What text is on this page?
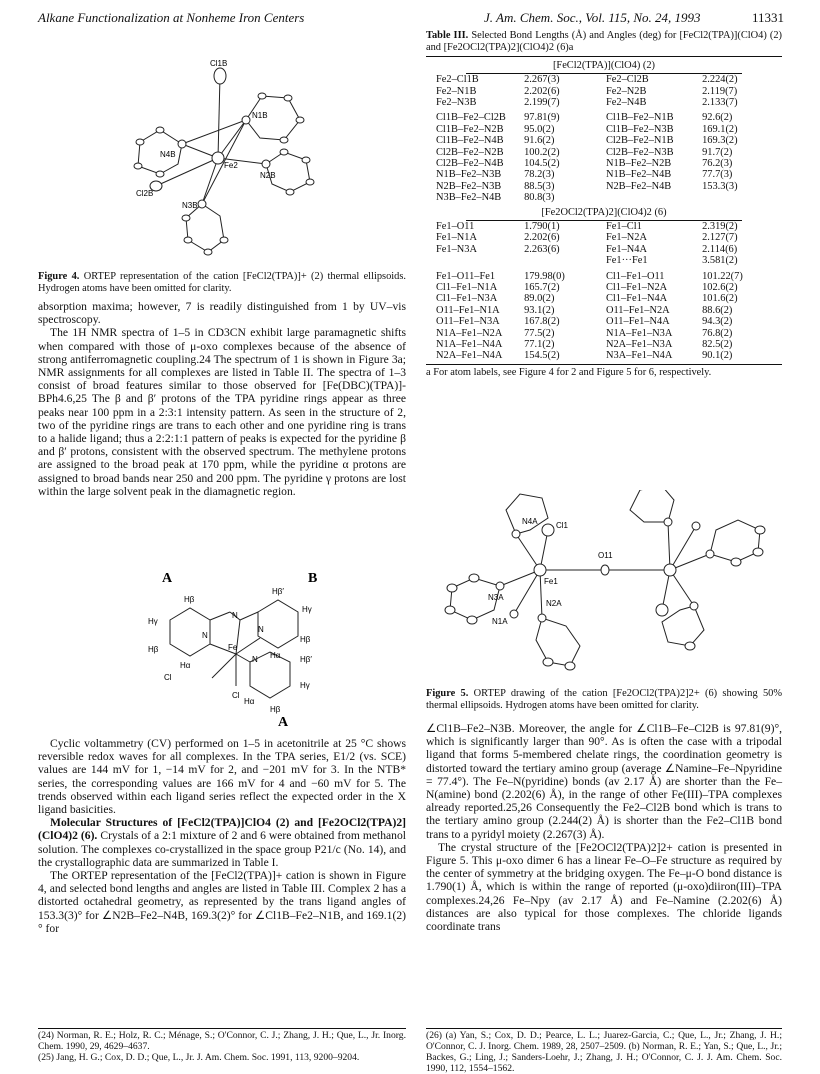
Alkane Functionalization at Nonheme Iron Centers	J. Am. Chem. Soc., Vol. 115, No. 24, 1993	11331
Cl1B
N1B
N4B
Fe2
N2B
Cl2B
N3B
Figure 4. ORTEP representation of the cation [FeCl2(TPA)]+ (2) thermal ellipsoids. Hydrogen atoms have been omitted for clarity.

absorption maxima; however, 7 is readily distinguished from 1 by UV–vis spectroscopy.

The 1H NMR spectra of 1–5 in CD3CN exhibit large paramagnetic shifts when compared with those of μ-oxo complexes because of the absence of strong antiferromagnetic coupling.24 The spectrum of 1 is shown in Figure 3a; NMR assignments for all complexes are listed in Table II. The spectra of 1–3 consist of broad features similar to those observed for [Fe(DBC)(TPA)]-BPh4.6,25 The β and β′ protons of the TPA pyridine rings appear as three peaks near 100 ppm in a 2:3:1 intensity pattern. As seen in the structure of 2, two of the pyridine rings are trans to each other and one pyridine ring is trans to a halide ligand; thus a 2:2:1:1 pattern of peaks is expected for the pyridine β and β′ protons, consistent with the observed spectrum. The methylene protons are assigned to the broad peak at 170 ppm, while the pyridine α protons are assigned to broad bands near 250 and 200 ppm. The pyridine γ protons are lost within the large solvent peak in the diamagnetic region.

A	B
A
Hβ
Hβ′
Hγ
Hγ
Hβ
Hα
Cl
N
N
N
N
Fe
Cl
Hα
Hβ′
Hγ
Hβ
Hβ
Hα

Cyclic voltammetry (CV) performed on 1–5 in acetonitrile at 25 °C shows reversible redox waves for all complexes. In the TPA series, E1/2 (vs. SCE) values are 144 mV for 1, −14 mV for 2, and −201 mV for 3. In the NTB* series, the corresponding values are 166 mV for 4 and −60 mV for 5. The trends observed within each ligand series reflect the expected order in the X ligand basicities.

Molecular Structures of [FeCl2(TPA)]ClO4 (2) and [Fe2OCl2(TPA)2](ClO4)2 (6). Crystals of a 2:1 mixture of 2 and 6 were obtained from methanol solution. The complexes co-crystallized in the space group P21/c (No. 14), and the crystallographic data are summarized in Table I.

The ORTEP representation of the [FeCl2(TPA)]+ cation is shown in Figure 4, and selected bond lengths and angles are listed in Table III. Complex 2 has a distorted octahedral geometry, as represented by the trans ligand angles of 153.3(3)° for ∠N2B–Fe2–N4B, 169.3(2)° for ∠Cl1B–Fe2–N1B, and 169.1(2)° for

(24) Norman, R. E.; Holz, R. C.; Ménage, S.; O'Connor, C. J.; Zhang, J. H.; Que, L., Jr. Inorg. Chem. 1990, 29, 4629–4637.
(25) Jang, H. G.; Cox, D. D.; Que, L., Jr. J. Am. Chem. Soc. 1991, 113, 9200–9204.
Table III. Selected Bond Lengths (Å) and Angles (deg) for [FeCl2(TPA)](ClO4) (2) and [Fe2OCl2(TPA)2](ClO4)2 (6)a
[FeCl2(TPA)](ClO4) (2)
Fe2–Cl1B	2.267(3)	Fe2–Cl2B	2.224(2)
Fe2–N1B	2.202(6)	Fe2–N2B	2.119(7)
Fe2–N3B	2.199(7)	Fe2–N4B	2.133(7)
Cl1B–Fe2–Cl2B	97.81(9)	Cl1B–Fe2–N1B	92.6(2)
Cl1B–Fe2–N2B	95.0(2)	Cl1B–Fe2–N3B	169.1(2)
Cl1B–Fe2–N4B	91.6(2)	Cl2B–Fe2–N1B	169.3(2)
Cl2B–Fe2–N2B	100.2(2)	Cl2B–Fe2–N3B	91.7(2)
Cl2B–Fe2–N4B	104.5(2)	N1B–Fe2–N2B	76.2(3)
N1B–Fe2–N3B	78.2(3)	N1B–Fe2–N4B	77.7(3)
N2B–Fe2–N3B	88.5(3)	N2B–Fe2–N4B	153.3(3)
N3B–Fe2–N4B	80.8(3)		
[Fe2OCl2(TPA)2](ClO4)2 (6)
Fe1–O11	1.790(1)	Fe1–Cl1	2.319(2)
Fe1–N1A	2.202(6)	Fe1–N2A	2.127(7)
Fe1–N3A	2.263(6)	Fe1–N4A	2.114(6)
		Fe1···Fe1	3.581(2)
Fe1–O11–Fe1	179.98(0)	Cl1–Fe1–O11	101.22(7)
Cl1–Fe1–N1A	165.7(2)	Cl1–Fe1–N2A	102.6(2)
Cl1–Fe1–N3A	89.0(2)	Cl1–Fe1–N4A	101.6(2)
O11–Fe1–N1A	93.1(2)	O11–Fe1–N2A	88.6(2)
O11–Fe1–N3A	167.8(2)	O11–Fe1–N4A	94.3(2)
N1A–Fe1–N2A	77.5(2)	N1A–Fe1–N3A	76.8(2)
N1A–Fe1–N4A	77.1(2)	N2A–Fe1–N3A	82.5(2)
N2A–Fe1–N4A	154.5(2)	N3A–Fe1–N4A	90.1(2)
a For atom labels, see Figure 4 for 2 and Figure 5 for 6, respectively.
N4A Cl1
O11
Fe1
N3A
N2A
N1A
Figure 5. ORTEP drawing of the cation [Fe2OCl2(TPA)2]2+ (6) showing 50% thermal ellipsoids. Hydrogen atoms have been omitted for clarity.

∠Cl1B–Fe2–N3B. Moreover, the angle for ∠Cl1B–Fe–Cl2B is 97.81(9)°, which is significantly larger than 90°. As is often the case with a tripodal ligand that forms 5-membered chelate rings, the coordination geometry is distorted toward the tertiary amino group (average ∠Namine–Fe–Npyridine = 77.4°). The Fe–N(pyridine) bonds (av 2.17 Å) are shorter than the Fe–N(amine) bond (2.202(6) Å), in the range of other Fe(III)–TPA complexes already reported.25,26 Consequently the Fe2–Cl2B bond which is trans to the tertiary amino group (2.244(2) Å) is shorter than the Fe2–Cl1B bond trans to a pyridyl moiety (2.267(3) Å).

The crystal structure of the [Fe2OCl2(TPA)2]2+ cation is presented in Figure 5. This μ-oxo dimer 6 has a linear Fe–O–Fe structure as required by the center of symmetry at the bridging oxygen. The Fe–μ-O bond distance is 1.790(1) Å, which is within the range of reported (μ-oxo)diiron(III)–TPA complexes.24,26 Fe–Npy (av 2.17 Å) and Fe–Namine (2.202(6) Å) distances are also typical for those complexes. The chloride ligands coordinate trans

(26) (a) Yan, S.; Cox, D. D.; Pearce, L. L.; Juarez-Garcia, C.; Que, L., Jr.; Zhang, J. H.; O'Connor, C. J. Inorg. Chem. 1989, 28, 2507–2509. (b) Norman, R. E.; Yan, S.; Que, L., Jr.; Backes, G.; Ling, J.; Sanders-Loehr, J.; Zhang, J. H.; O'Connor, C. J. J. Am. Chem. Soc. 1990, 112, 1554–1562.
